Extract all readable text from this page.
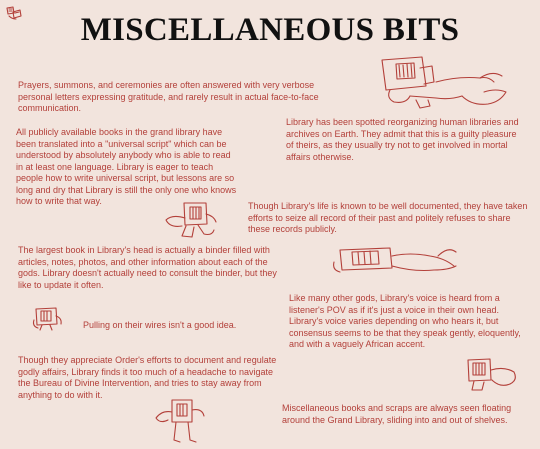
MISCELLANEOUS BITS

Prayers, summons, and ceremonies are often answered with very verbose personal letters expressing gratitude, and rarely result in actual face-to-face communication.

All publicly available books in the grand library have been translated into a "universal script" which can be understood by absolutely anybody who is able to read in at least one language. Library is eager to teach people how to write universal script, but lessons are so long and dry that Library is still the only one who knows how to write that way.

Library has been spotted reorganizing human libraries and archives on Earth. They admit that this is a guilty pleasure of theirs, as they usually try not to get involved in mortal affairs otherwise.

Though Library's life is known to be well documented, they have taken efforts to seize all record of their past and politely refuses to share these records publicly.

The largest book in Library's head is actually a binder filled with articles, notes, photos, and other information about each of the gods. Library doesn't actually need to consult the binder, but they like to update it often.

Like many other gods, Library's voice is heard from a listener's POV as if it's just a voice in their own head. Library's voice varies depending on who hears it, but consensus seems to be that they speak gently, eloquently, and with a vaguely African accent.

Pulling on their wires isn't a good idea.

Though they appreciate Order's efforts to document and regulate godly affairs, Library finds it too much of a headache to navigate the Bureau of Divine Intervention, and tries to stay away from anything to do with it.

Miscellaneous books and scraps are always seen floating around the Grand Library, sliding into and out of shelves.
